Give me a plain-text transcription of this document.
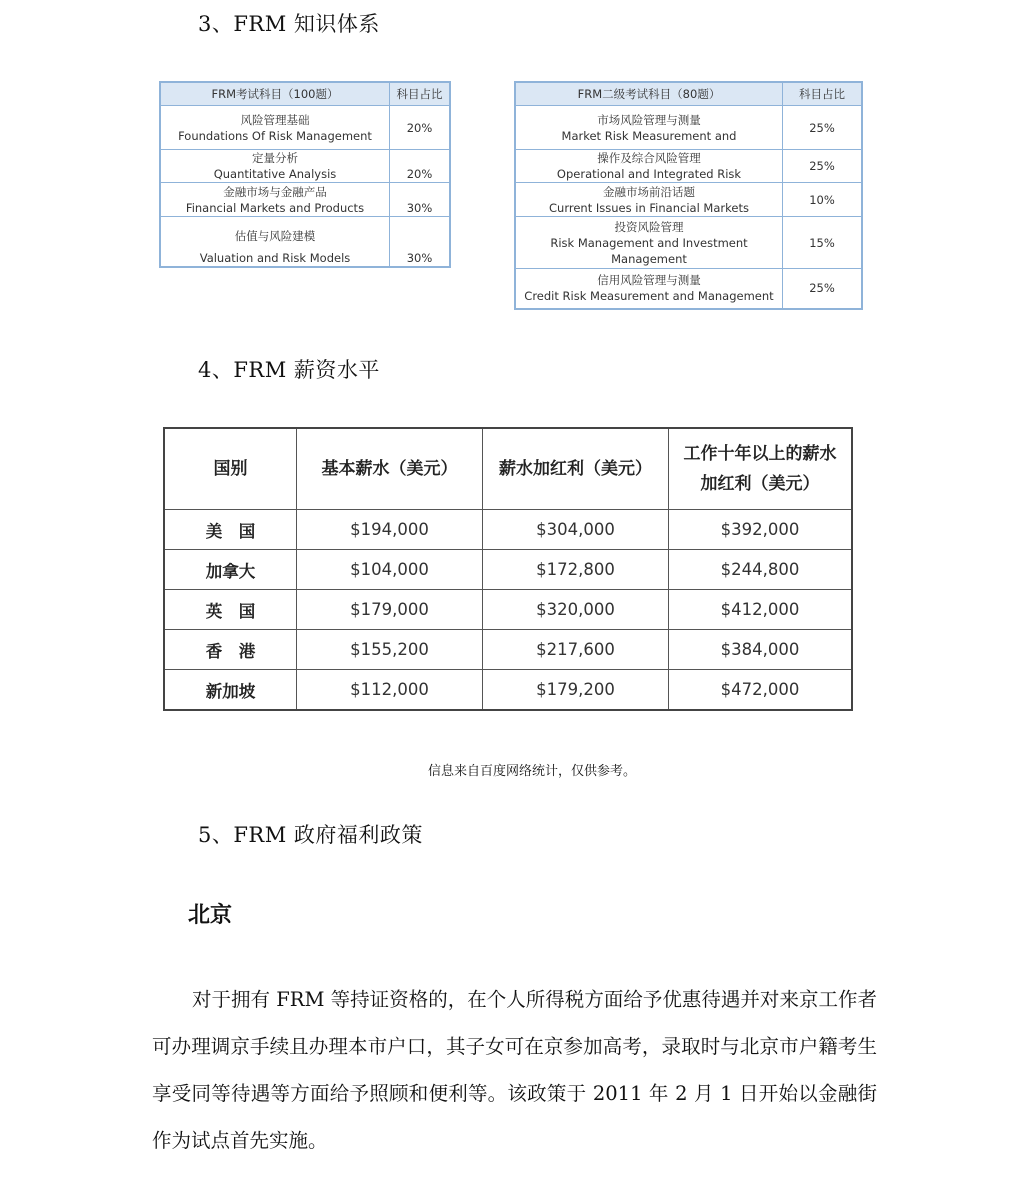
3、FRM 知识体系
FRM考试科目（100题）	科目占比

风险管理基础
Foundations Of Risk Management	20%

定量分析
Quantitative Analysis	20%

金融市场与金融产品
Financial Markets and Products	30%

估值与风险建模
Valuation and Risk Models	30%
FRM二级考试科目（80题）	科目占比

市场风险管理与测量
Market Risk Measurement and	25%

操作及综合风险管理
Operational and Integrated Risk	25%

金融市场前沿话题
Current Issues in Financial Markets	10%

投资风险管理
Risk Management and Investment Management	15%

信用风险管理与测量
Credit Risk Measurement and Management	25%
4、FRM 薪资水平
国别	基本薪水（美元）	薪水加红利（美元）	工作十年以上的薪水加红利（美元）
美　国	$194,000	$304,000	$392,000
加拿大	$104,000	$172,800	$244,800
英　国	$179,000	$320,000	$412,000
香　港	$155,200	$217,600	$384,000
新加坡	$112,000	$179,200	$472,000
信息来自百度网络统计，仅供参考。
5、FRM 政府福利政策
北京
对于拥有 FRM 等持证资格的，在个人所得税方面给予优惠待遇并对来京工作者可办理调京手续且办理本市户口，其子女可在京参加高考，录取时与北京市户籍考生享受同等待遇等方面给予照顾和便利等。该政策于 2011 年 2 月 1 日开始以金融街作为试点首先实施。
